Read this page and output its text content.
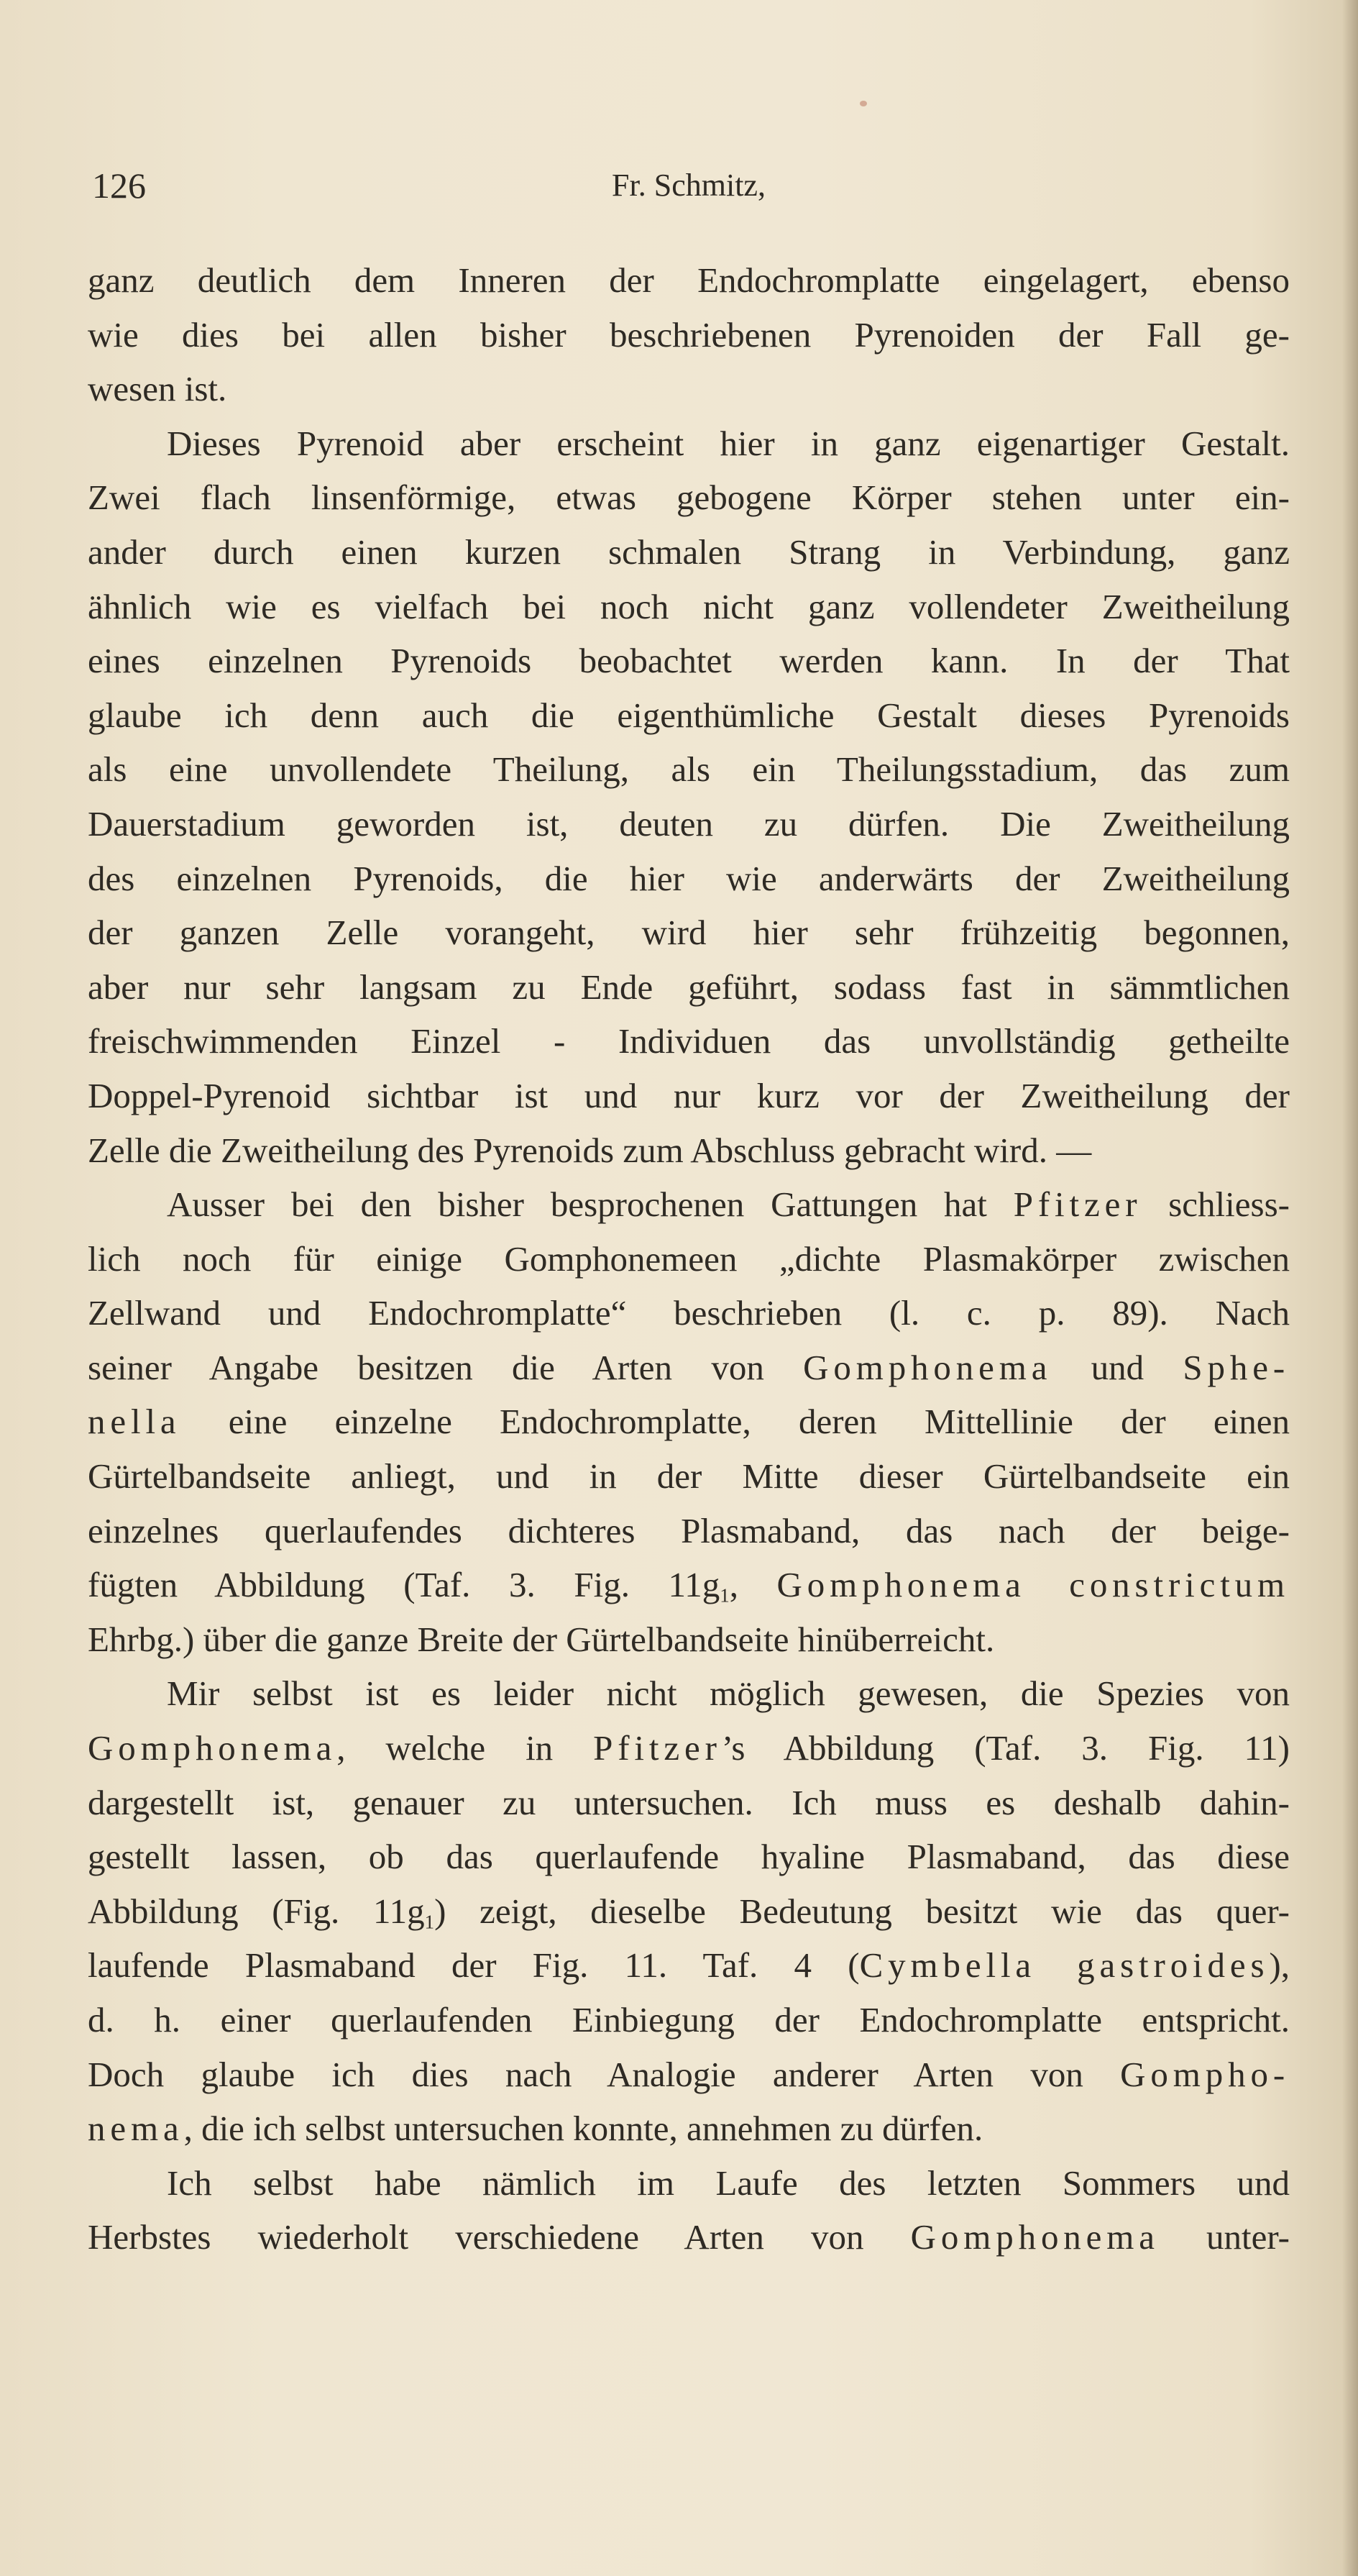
126	Fr. Schmitz,
ganz deutlich dem Inneren der Endochromplatte eingelagert, ebenso
wie dies bei allen bisher beschriebenen Pyrenoiden der Fall ge-
wesen ist.
Dieses Pyrenoid aber erscheint hier in ganz eigenartiger Gestalt.
Zwei flach linsenförmige, etwas gebogene Körper stehen unter ein-
ander durch einen kurzen schmalen Strang in Verbindung, ganz
ähnlich wie es vielfach bei noch nicht ganz vollendeter Zweitheilung
eines einzelnen Pyrenoids beobachtet werden kann. In der That
glaube ich denn auch die eigenthümliche Gestalt dieses Pyrenoids
als eine unvollendete Theilung, als ein Theilungsstadium, das zum
Dauerstadium geworden ist, deuten zu dürfen. Die Zweitheilung
des einzelnen Pyrenoids, die hier wie anderwärts der Zweitheilung
der ganzen Zelle vorangeht, wird hier sehr frühzeitig begonnen,
aber nur sehr langsam zu Ende geführt, sodass fast in sämmtlichen
freischwimmenden Einzel - Individuen das unvollständig getheilte
Doppel-Pyrenoid sichtbar ist und nur kurz vor der Zweitheilung der
Zelle die Zweitheilung des Pyrenoids zum Abschluss gebracht wird. —
Ausser bei den bisher besprochenen Gattungen hat Pfitzer schliess-
lich noch für einige Gomphonemeen „dichte Plasmakörper zwischen
Zellwand und Endochromplatte“ beschrieben (l. c. p. 89). Nach
seiner Angabe besitzen die Arten von Gomphonema und Sphe-
nella eine einzelne Endochromplatte, deren Mittellinie der einen
Gürtelbandseite anliegt, und in der Mitte dieser Gürtelbandseite ein
einzelnes querlaufendes dichteres Plasmaband, das nach der beige-
fügten Abbildung (Taf. 3. Fig. $11g_1$, Gomphonema constrictum
Ehrbg.) über die ganze Breite der Gürtelbandseite hinüberreicht.
Mir selbst ist es leider nicht möglich gewesen, die Spezies von
Gomphonema, welche in Pfitzer’s Abbildung (Taf. 3. Fig. 11)
dargestellt ist, genauer zu untersuchen. Ich muss es deshalb dahin-
gestellt lassen, ob das querlaufende hyaline Plasmaband, das diese
Abbildung (Fig. $11g_1$) zeigt, dieselbe Bedeutung besitzt wie das quer-
laufende Plasmaband der Fig. 11. Taf. 4 (Cymbella gastroides),
d. h. einer querlaufenden Einbiegung der Endochromplatte entspricht.
Doch glaube ich dies nach Analogie anderer Arten von Gompho-
nema, die ich selbst untersuchen konnte, annehmen zu dürfen.
Ich selbst habe nämlich im Laufe des letzten Sommers und
Herbstes wiederholt verschiedene Arten von Gomphonema unter-
